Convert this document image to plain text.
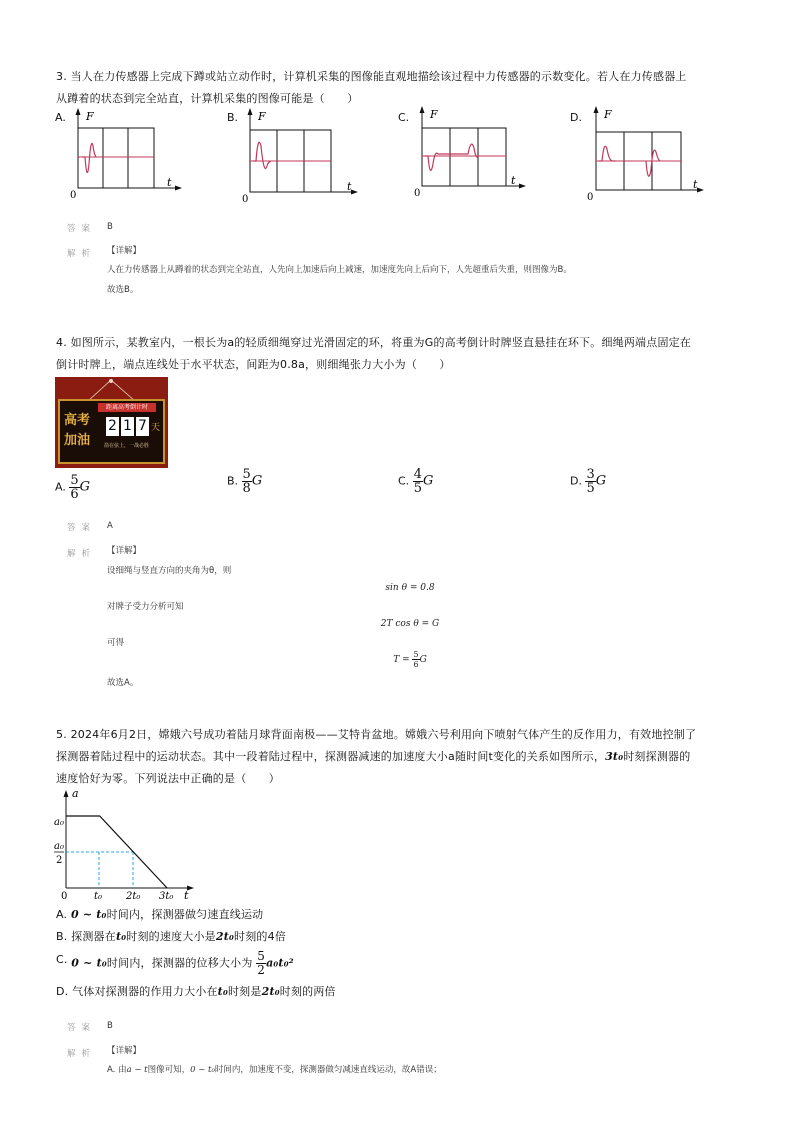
3. 当人在力传感器上完成下蹲或站立动作时，计算机采集的图像能直观地描绘该过程中力传感器的示数变化。若人在力传感器上
从蹲着的状态到完全站直，计算机采集的图像可能是（　　）
A. F
t
0
B. F
t
0
C. F
t
0
D. F
t
0
答案 B
解析 【详解】
人在力传感器上从蹲着的状态到完全站直，人先向上加速后向上减速，加速度先向上后向下，人先超重后失重，则图像为B。
故选B。
4. 如图所示，某教室内，一根长为a的轻质细绳穿过光滑固定的环，将重为G的高考倒计时牌竖直悬挂在环下。细绳两端点固定在
倒计时牌上，端点连线处于水平状态，间距为0.8a，则细绳张力大小为（　　）
距离高考倒计时
高考
加油
2 1 7 天
箭在弦上，一战必胜
A. $\frac{5}{6}$ G	B. $\frac{5}{8}$ G	C. $\frac{4}{5}$ G	D. $\frac{3}{5}$ G
答案 A
解析 【详解】
设细绳与竖直方向的夹角为θ，则
sin θ = 0.8
对牌子受力分析可知
2T cos θ = G
可得
$T = \frac{5}{6}$ G
故选A。
5. 2024年6月2日，嫦娥六号成功着陆月球背面南极——艾特肯盆地。嫦娥六号利用向下喷射气体产生的反作用力，有效地控制了
探测器着陆过程中的运动状态。其中一段着陆过程中，探测器减速的加速度大小a随时间t变化的关系如图所示，3t₀时刻探测器的
速度恰好为零。下列说法中正确的是（　　）
a
t
a₀
a₀
2
0	t₀ 2t₀ 3t₀
A. 0 ~ t₀时间内，探测器做匀速直线运动
B. 探测器在t₀时刻的速度大小是2t₀时刻的4倍
C. 0 ~ t₀时间内，探测器的位移大小为 $\frac{5}{2} a_0t_0^2$
D. 气体对探测器的作用力大小在t₀时刻是2t₀时刻的两倍
答案 B
解析 【详解】
A. 由a − t图像可知，0 ~ t₀时间内，加速度不变，探测器做匀减速直线运动，故A错误；
